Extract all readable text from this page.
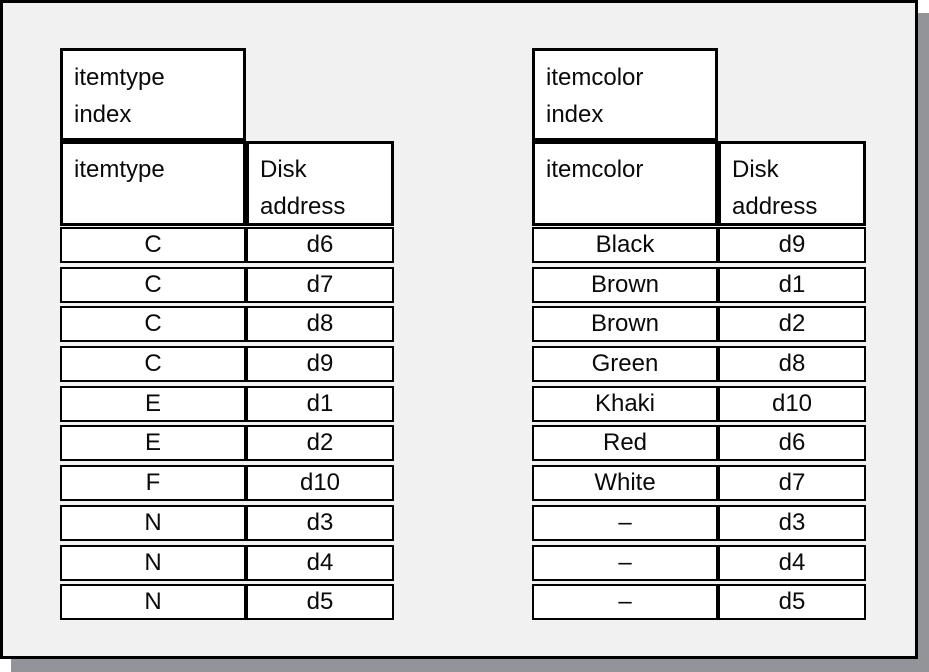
itemtype
index
itemtype	Disk
address
C	d6
C	d7
C	d8
C	d9
E	d1
E	d2
F	d10
N	d3
N	d4
N	d5
itemcolor
index
itemcolor	Disk
address
Black	d9
Brown	d1
Brown	d2
Green	d8
Khaki	d10
Red	d6
White	d7
–	d3
–	d4
–	d5
